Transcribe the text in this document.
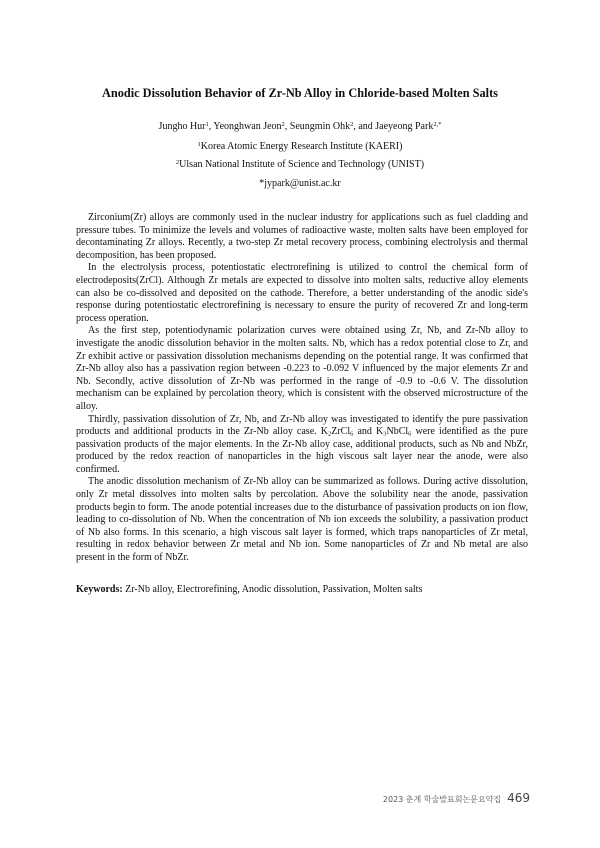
Anodic Dissolution Behavior of Zr-Nb Alloy in Chloride-based Molten Salts
Jungho Hur$^1$, Yeonghwan Jeon$^2$, Seungmin Ohk$^2$, and Jaeyeong Park$^{2,*}$
$^1$Korea Atomic Energy Research Institute (KAERI)
$^2$Ulsan National Institute of Science and Technology (UNIST)
*jypark@unist.ac.kr

Zirconium(Zr) alloys are commonly used in the nuclear industry for applications such as fuel cladding and pressure tubes. To minimize the levels and volumes of radioactive waste, molten salts have been employed for decontaminating Zr alloys. Recently, a two-step Zr metal recovery process, combining electrolysis and thermal decomposition, has been proposed.

In the electrolysis process, potentiostatic electrorefining is utilized to control the chemical form of electrodeposits(ZrCl). Although Zr metals are expected to dissolve into molten salts, reductive alloy elements can also be co-dissolved and deposited on the cathode. Therefore, a better understanding of the anodic side's response during potentiostatic electrorefining is necessary to ensure the purity of recovered Zr and long-term process operation.

As the first step, potentiodynamic polarization curves were obtained using Zr, Nb, and Zr-Nb alloy to investigate the anodic dissolution behavior in the molten salts. Nb, which has a redox potential close to Zr, and Zr exhibit active or passivation dissolution mechanisms depending on the potential range. It was confirmed that Zr-Nb alloy also has a passivation region between -0.223 to -0.092 V influenced by the major elements Zr and Nb. Secondly, active dissolution of Zr-Nb was performed in the range of -0.9 to -0.6 V. The dissolution mechanism can be explained by percolation theory, which is consistent with the observed microstructure of the alloy.

Thirdly, passivation dissolution of Zr, Nb, and Zr-Nb alloy was investigated to identify the pure passivation products and additional products in the Zr-Nb alloy case. $K_2ZrCl_6$ and $K_3NbCl_6$ were identified as the pure passivation products of the major elements. In the Zr-Nb alloy case, additional products, such as Nb and NbZr, produced by the redox reaction of nanoparticles in the high viscous salt layer near the anode, were also confirmed.

The anodic dissolution mechanism of Zr-Nb alloy can be summarized as follows. During active dissolution, only Zr metal dissolves into molten salts by percolation. Above the solubility near the anode, passivation products begin to form. The anode potential increases due to the disturbance of passivation products on ion flow, leading to co-dissolution of Nb. When the concentration of Nb ion exceeds the solubility, a passivation product of Nb also forms. In this scenario, a high viscous salt layer is formed, which traps nanoparticles of Zr metal, resulting in redox behavior between Zr metal and Nb ion. Some nanoparticles of Zr and Nb metal are also present in the form of NbZr.

Keywords: Zr-Nb alloy, Electrorefining, Anodic dissolution, Passivation, Molten salts

2023 춘계 학술발표회논문요약집 469
